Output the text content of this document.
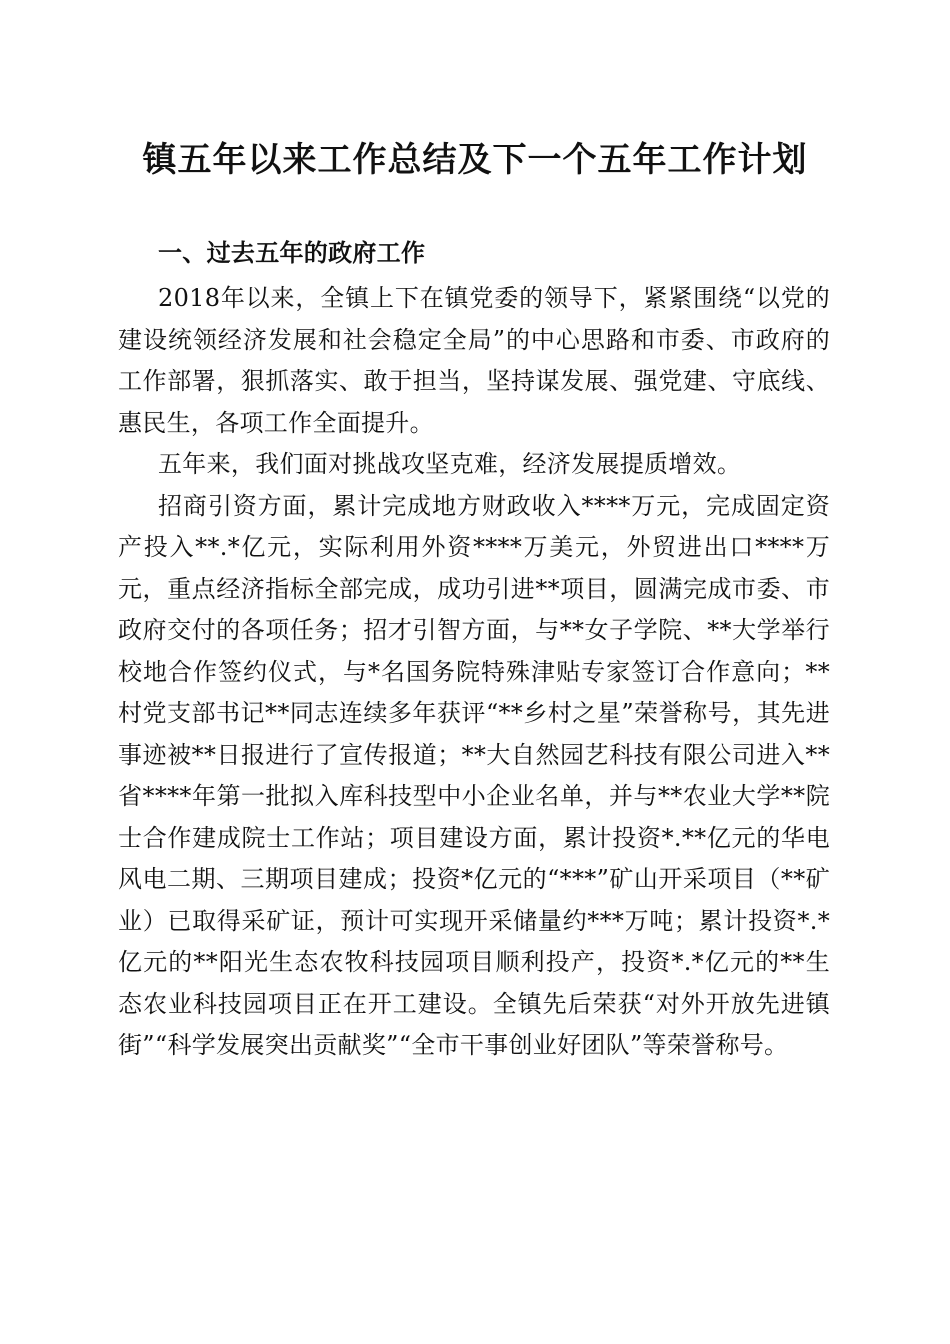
镇五年以来工作总结及下一个五年工作计划

一、过去五年的政府工作

2018年以来，全镇上下在镇党委的领导下，紧紧围绕“以党的建设统领经济发展和社会稳定全局”的中心思路和市委、市政府的工作部署，狠抓落实、敢于担当，坚持谋发展、强党建、守底线、惠民生，各项工作全面提升。

五年来，我们面对挑战攻坚克难，经济发展提质增效。

招商引资方面，累计完成地方财政收入****万元，完成固定资产投入**.*亿元，实际利用外资****万美元，外贸进出口****万元，重点经济指标全部完成，成功引进**项目，圆满完成市委、市政府交付的各项任务；招才引智方面，与**女子学院、**大学举行校地合作签约仪式，与*名国务院特殊津贴专家签订合作意向；**村党支部书记**同志连续多年获评“**乡村之星”荣誉称号，其先进事迹被**日报进行了宣传报道；**大自然园艺科技有限公司进入**省****年第一批拟入库科技型中小企业名单，并与**农业大学**院士合作建成院士工作站；项目建设方面，累计投资*.**亿元的华电风电二期、三期项目建成；投资*亿元的“***”矿山开采项目（**矿业）已取得采矿证，预计可实现开采储量约***万吨；累计投资*.*亿元的**阳光生态农牧科技园项目顺利投产，投资*.*亿元的**生态农业科技园项目正在开工建设。全镇先后荣获“对外开放先进镇街”“科学发展突出贡献奖”“全市干事创业好团队”等荣誉称号。
